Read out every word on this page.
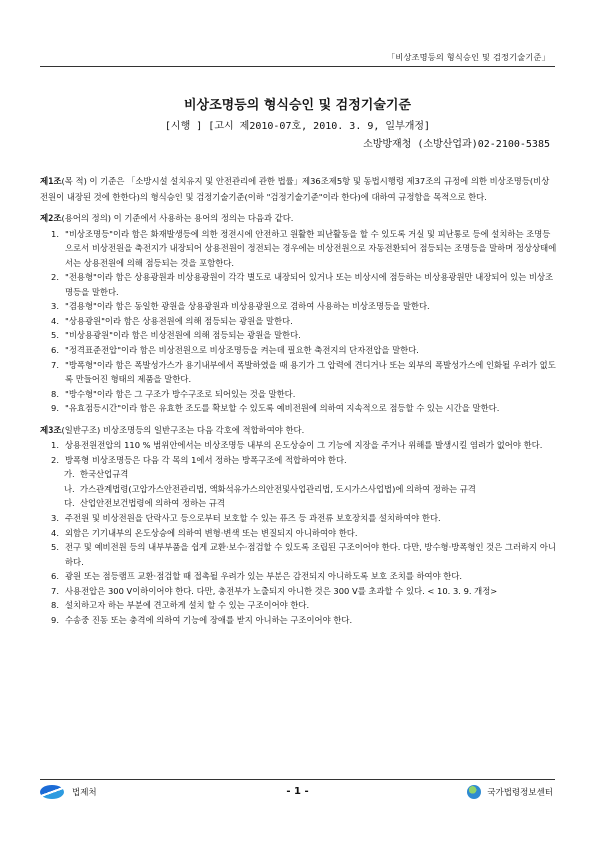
「비상조명등의 형식승인 및 검정기술기준」
비상조명등의 형식승인 및 검정기술기준
[시행 ] [고시 제2010-07호, 2010. 3. 9, 일부개정]
소방방재청 (소방산업과)02-2100-5385
제1조(목 적) 이 기준은 「소방시설 설치유지 및 안전관리에 관한 법률」제36조제5항 및 동법시행령 제37조의 규정에 의한 비상조명등(비상전원이 내장된 것에 한한다)의 형식승인 및 검정기술기준(이하 "검정기술기준"이라 한다)에 대하여 규정함을 목적으로 한다.
제2조(용어의 정의) 이 기준에서 사용하는 용어의 정의는 다음과 같다.
1. "비상조명등"이라 함은 화재발생등에 의한 정전시에 안전하고 원활한 피난활동을 할 수 있도록 거실 및 피난통로 등에 설치하는 조명등으로서 비상전원을 축전지가 내장되어 상용전원이 정전되는 경우에는 비상전원으로 자동전환되어 점등되는 조명등을 말하며 정상상태에서는 상용전원에 의해 점등되는 것을 포함한다.
2. "전용형"이라 함은 상용광원과 비상용광원이 각각 별도로 내장되어 있거나 또는 비상시에 점등하는 비상용광원만 내장되어 있는 비상조명등을 말한다.
3. "겸용형"이라 함은 동일한 광원을 상용광원과 비상용광원으로 겸하여 사용하는 비상조명등을 말한다.
4. "상용광원"이라 함은 상용전원에 의해 점등되는 광원을 말한다.
5. "비상용광원"이라 함은 비상전원에 의해 점등되는 광원을 말한다.
6. "정격표준전압"이라 함은 비상전원으로 비상조명등을 켜는데 필요한 축전지의 단자전압을 말한다.
7. "방폭형"이라 함은 폭발성가스가 용기내부에서 폭발하였을 때 용기가 그 압력에 견디거나 또는 외부의 폭발성가스에 인화될 우려가 없도록 만들어진 형태의 제품을 말한다.
8. "방수형"이라 함은 그 구조가 방수구조로 되어있는 것을 말한다.
9. "유효점등시간"이라 함은 유효한 조도를 확보할 수 있도록 예비전원에 의하여 지속적으로 점등할 수 있는 시간을 말한다.
제3조(일반구조) 비상조명등의 일반구조는 다음 각호에 적합하여야 한다.
1. 상용전원전압의 110 % 범위안에서는 비상조명등 내부의 온도상승이 그 기능에 지장을 주거나 위해를 발생시킬 염려가 없어야 한다.
2. 방폭형 비상조명등은 다음 각 목의 1에서 정하는 방폭구조에 적합하여야 한다.
가. 한국산업규격
나. 가스관계법령(고압가스안전관리법, 액화석유가스의안전및사업관리법, 도시가스사업법)에 의하여 정하는 규격
다. 산업안전보건법령에 의하여 정하는 규격
3. 주전원 및 비상전원을 단락사고 등으로부터 보호할 수 있는 퓨즈 등 과전류 보호장치를 설치하여야 한다.
4. 외함은 기기내부의 온도상승에 의하여 변형·변색 또는 변질되지 아니하여야 한다.
5. 전구 및 예비전원 등의 내부부품을 쉽게 교환·보수·점검할 수 있도록 조립된 구조이어야 한다. 다만, 방수형·방폭형인 것은 그러하지 아니하다.
6. 광원 또는 점등램프 교환·점검할 때 접촉될 우려가 있는 부분은 감전되지 아니하도록 보호 조치를 하여야 한다.
7. 사용전압은 300 V이하이어야 한다. 다만, 충전부가 노출되지 아니한 것은 300 V를 초과할 수 있다. < 10. 3. 9. 개정>
8. 설치하고자 하는 부분에 견고하게 설치 할 수 있는 구조이어야 한다.
9. 수송중 진동 또는 충격에 의하여 기능에 장애를 받지 아니하는 구조이어야 한다.
법제처	- 1 -	국가법령정보센터
